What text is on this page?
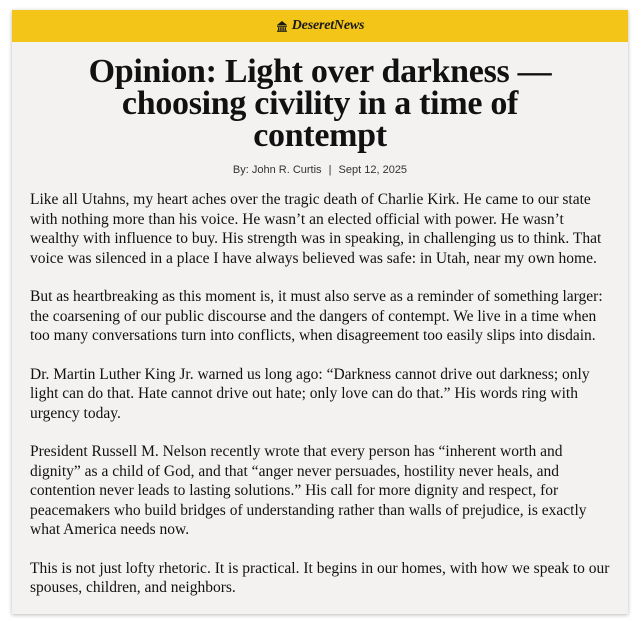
DeseretNews
Opinion: Light over darkness — choosing civility in a time of contempt
By: John R. Curtis | Sept 12, 2025

Like all Utahns, my heart aches over the tragic death of Charlie Kirk. He came to our state with nothing more than his voice. He wasn’t an elected official with power. He wasn’t wealthy with influence to buy. His strength was in speaking, in challenging us to think. That voice was silenced in a place I have always believed was safe: in Utah, near my own home.

But as heartbreaking as this moment is, it must also serve as a reminder of something larger: the coarsening of our public discourse and the dangers of contempt. We live in a time when too many conversations turn into conflicts, when disagreement too easily slips into disdain.

Dr. Martin Luther King Jr. warned us long ago: “Darkness cannot drive out darkness; only light can do that. Hate cannot drive out hate; only love can do that.” His words ring with urgency today.

President Russell M. Nelson recently wrote that every person has “inherent worth and dignity” as a child of God, and that “anger never persuades, hostility never heals, and contention never leads to lasting solutions.” His call for more dignity and respect, for peacemakers who build bridges of understanding rather than walls of prejudice, is exactly what America needs now.

This is not just lofty rhetoric. It is practical. It begins in our homes, with how we speak to our spouses, children, and neighbors.
